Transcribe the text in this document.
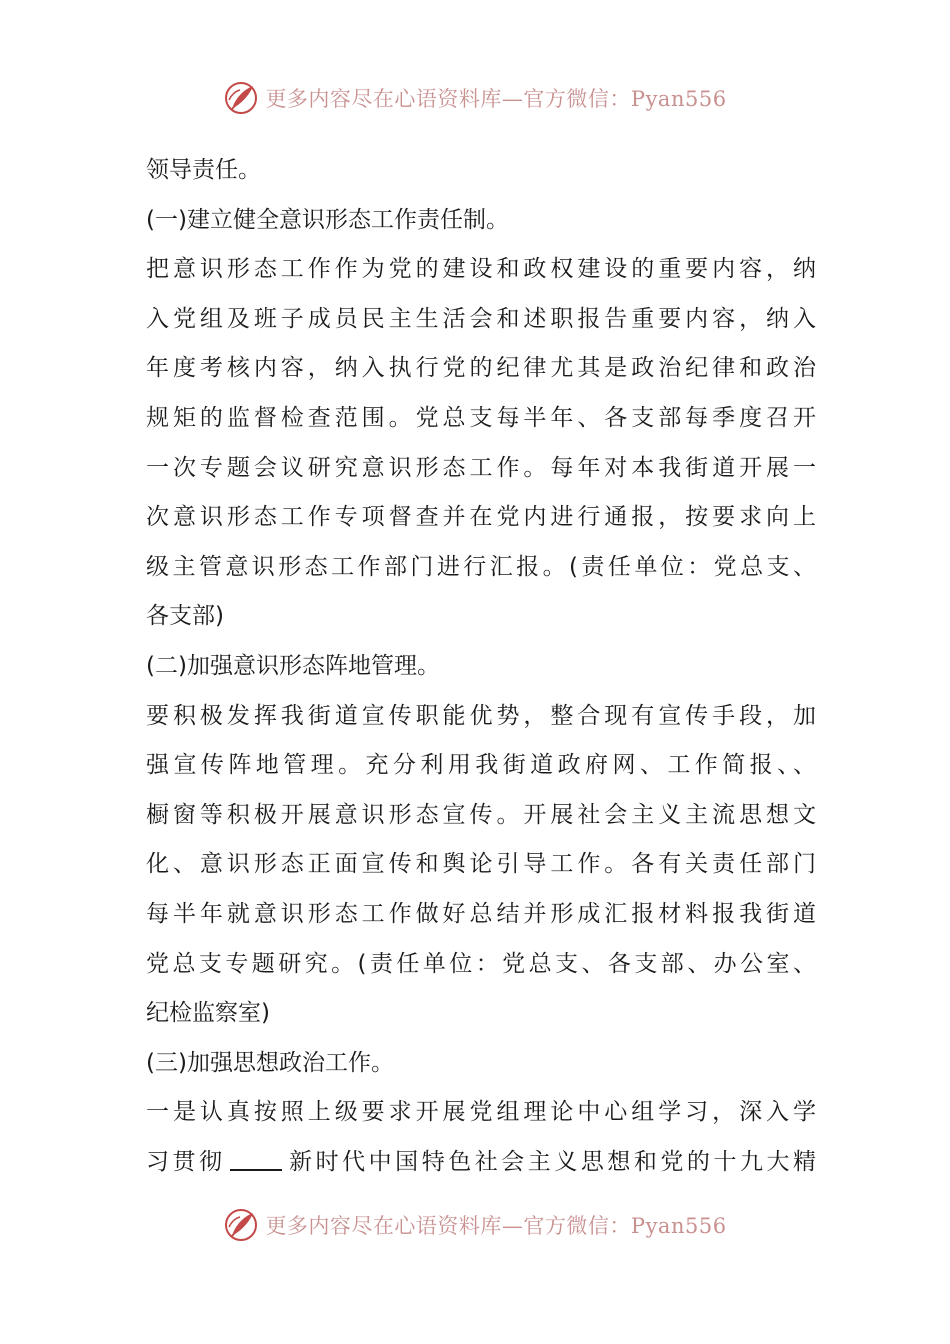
更多内容尽在心语资料库—官方微信：Pyan556

领导责任。

(一)建立健全意识形态工作责任制。

把意识形态工作作为党的建设和政权建设的重要内容，纳

入党组及班子成员民主生活会和述职报告重要内容，纳入

年度考核内容，纳入执行党的纪律尤其是政治纪律和政治

规矩的监督检查范围。党总支每半年、各支部每季度召开

一次专题会议研究意识形态工作。每年对本我街道开展一

次意识形态工作专项督查并在党内进行通报，按要求向上

级主管意识形态工作部门进行汇报。(责任单位：党总支、

各支部)

(二)加强意识形态阵地管理。

要积极发挥我街道宣传职能优势，整合现有宣传手段，加

强宣传阵地管理。充分利用我街道政府网、工作简报、、

橱窗等积极开展意识形态宣传。开展社会主义主流思想文

化、意识形态正面宣传和舆论引导工作。各有关责任部门

每半年就意识形态工作做好总结并形成汇报材料报我街道

党总支专题研究。(责任单位：党总支、各支部、办公室、

纪检监察室)

(三)加强思想政治工作。

一是认真按照上级要求开展党组理论中心组学习，深入学

习贯彻	新时代中国特色社会主义思想和党的十九大精

更多内容尽在心语资料库—官方微信：Pyan556
